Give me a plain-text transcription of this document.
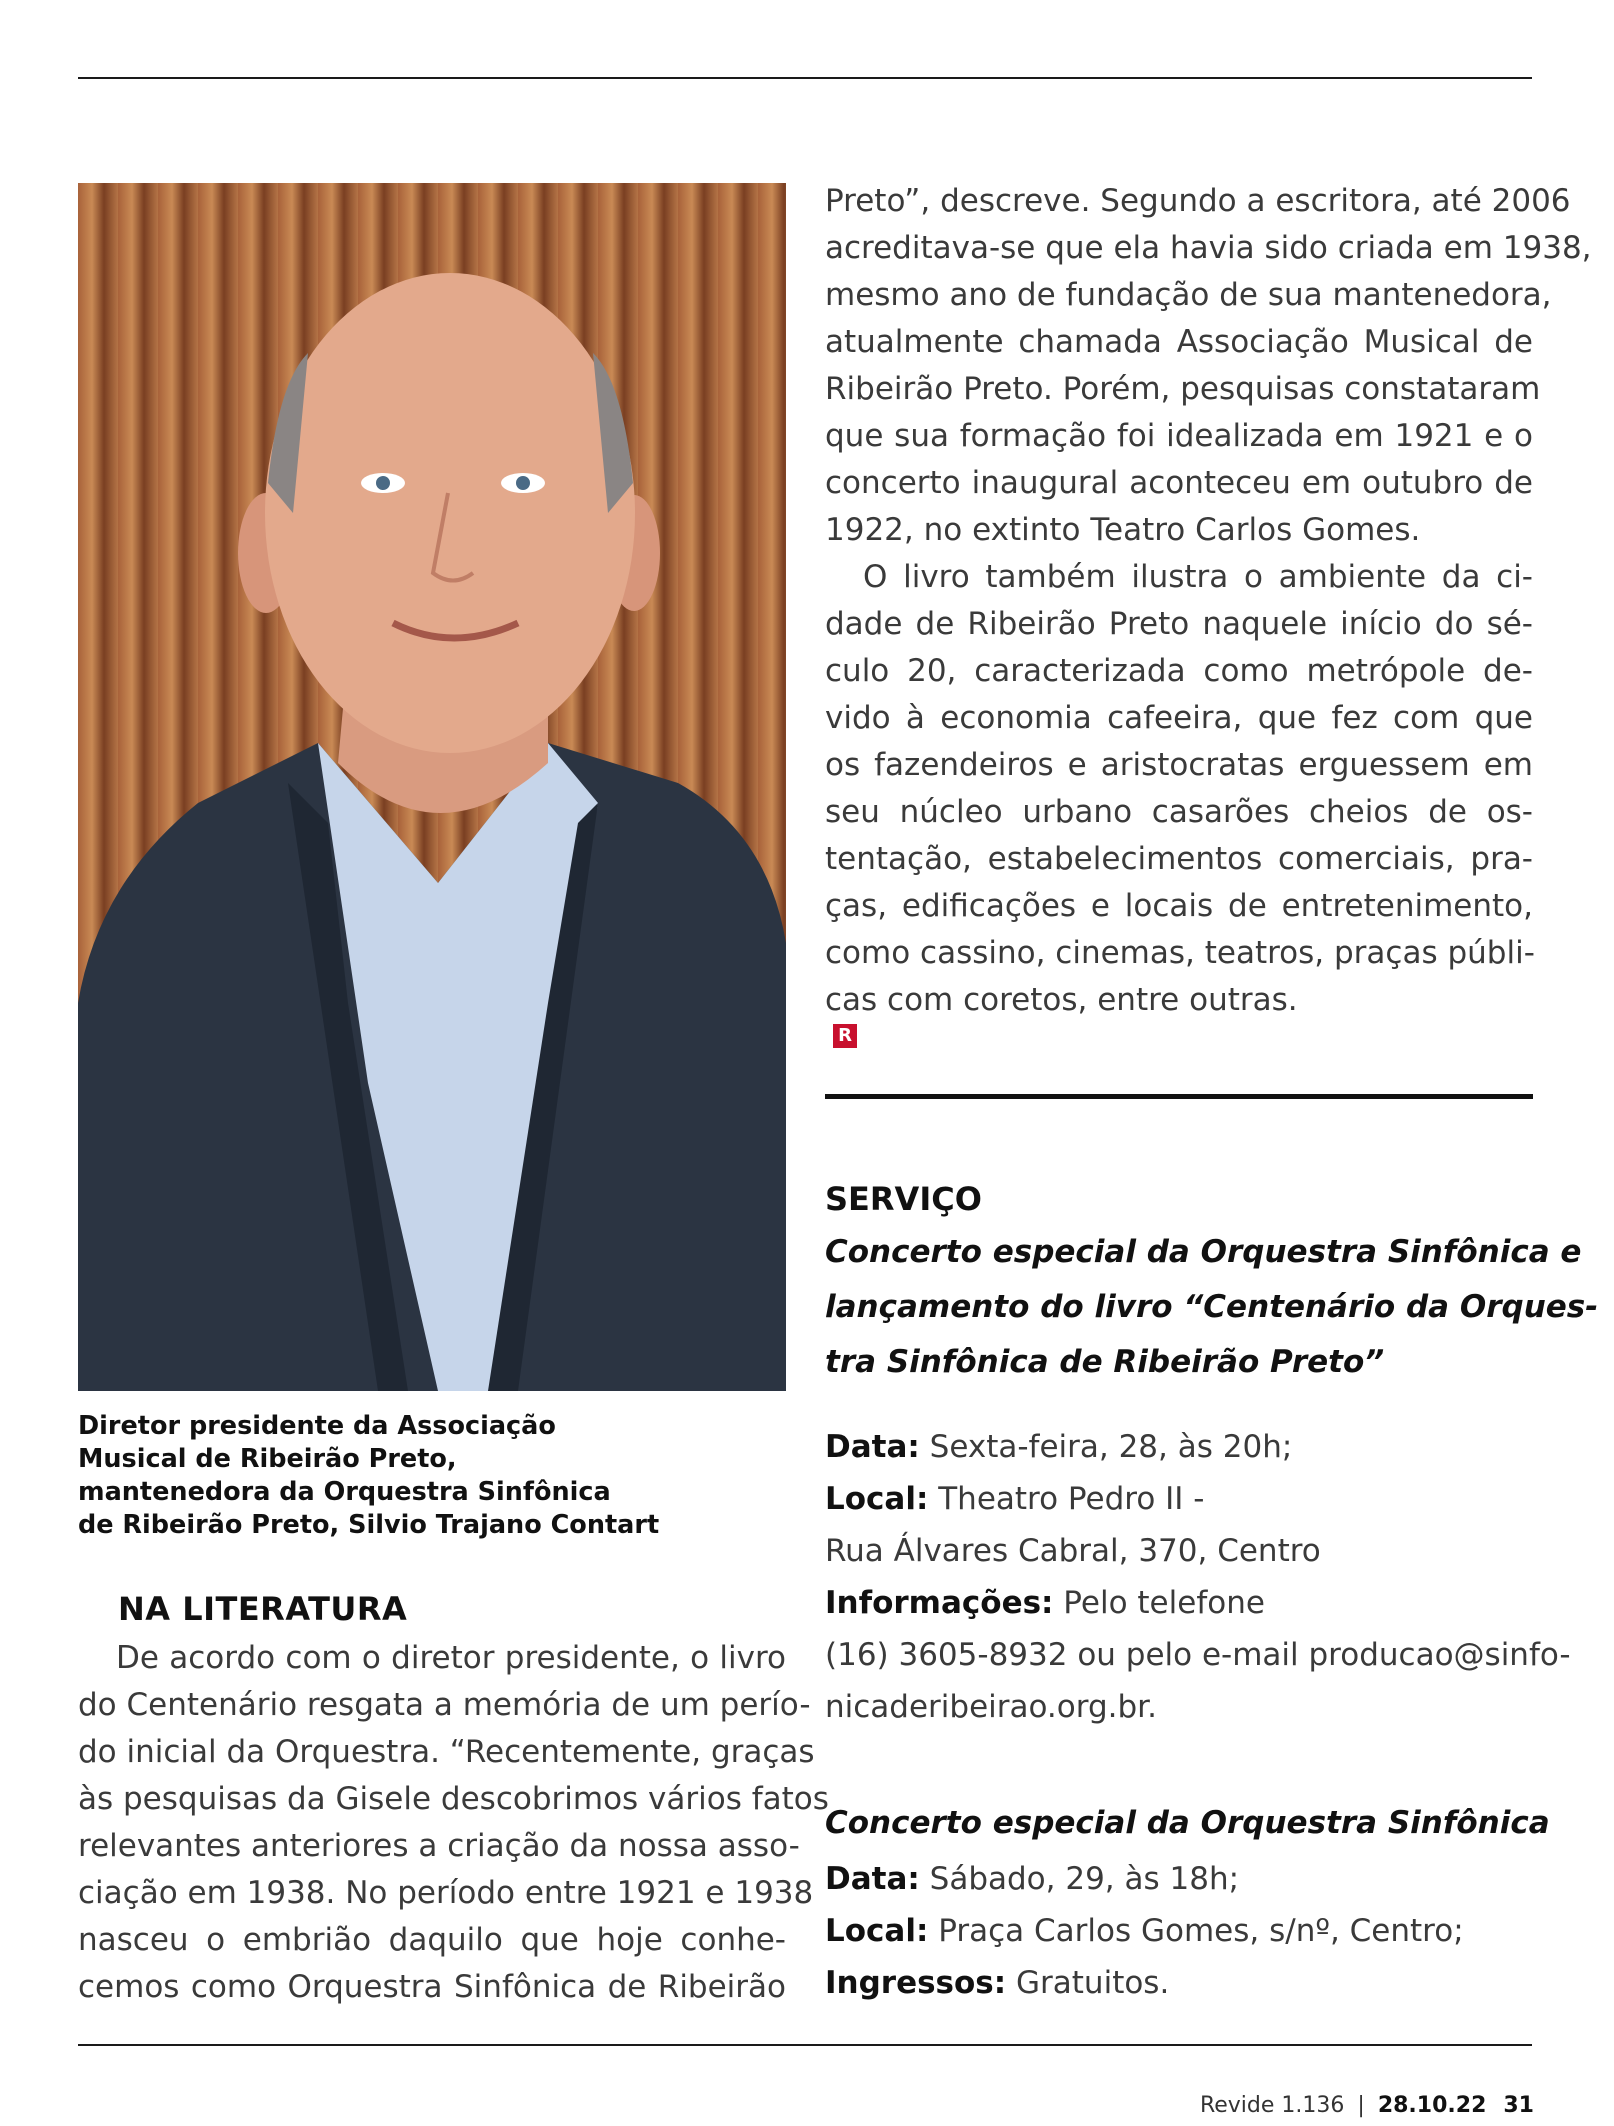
Diretor presidente da Associação
Musical de Ribeirão Preto,
mantenedora da Orquestra Sinfônica
de Ribeirão Preto, Silvio Trajano Contart
Preto”, descreve. Segundo a escritora, até 2006
acreditava-se que ela havia sido criada em 1938,
mesmo ano de fundação de sua mantenedora,
atualmente chamada Associação Musical de
Ribeirão Preto. Porém, pesquisas constataram
que sua formação foi idealizada em 1921 e o
concerto inaugural aconteceu em outubro de
1922, no extinto Teatro Carlos Gomes.
O livro também ilustra o ambiente da ci-
dade de Ribeirão Preto naquele início do sé-
culo 20, caracterizada como metrópole de-
vido à economia cafeeira, que fez com que
os fazendeiros e aristocratas erguessem em
seu núcleo urbano casarões cheios de os-
tentação, estabelecimentos comerciais, pra-
ças, edificações e locais de entretenimento,
como cassino, cinemas, teatros, praças públi-
cas com coretos, entre outras.
R
SERVIÇO
Concerto especial da Orquestra Sinfônica e
lançamento do livro “Centenário da Orques-
tra Sinfônica de Ribeirão Preto”
Data: Sexta-feira, 28, às 20h;
Local: Theatro Pedro II -
Rua Álvares Cabral, 370, Centro
Informações: Pelo telefone
(16) 3605-8932 ou pelo e-mail producao@sinfo-
nicaderibeirao.org.br.
Concerto especial da Orquestra Sinfônica
Data: Sábado, 29, às 18h;
Local: Praça Carlos Gomes, s/nº, Centro;
Ingressos: Gratuitos.
NA LITERATURA
De acordo com o diretor presidente, o livro
do Centenário resgata a memória de um perío-
do inicial da Orquestra. “Recentemente, graças
às pesquisas da Gisele descobrimos vários fatos
relevantes anteriores a criação da nossa asso-
ciação em 1938. No período entre 1921 e 1938
nasceu o embrião daquilo que hoje conhe-
cemos como Orquestra Sinfônica de Ribeirão
Revide 1.136 | 28.10.22 31
